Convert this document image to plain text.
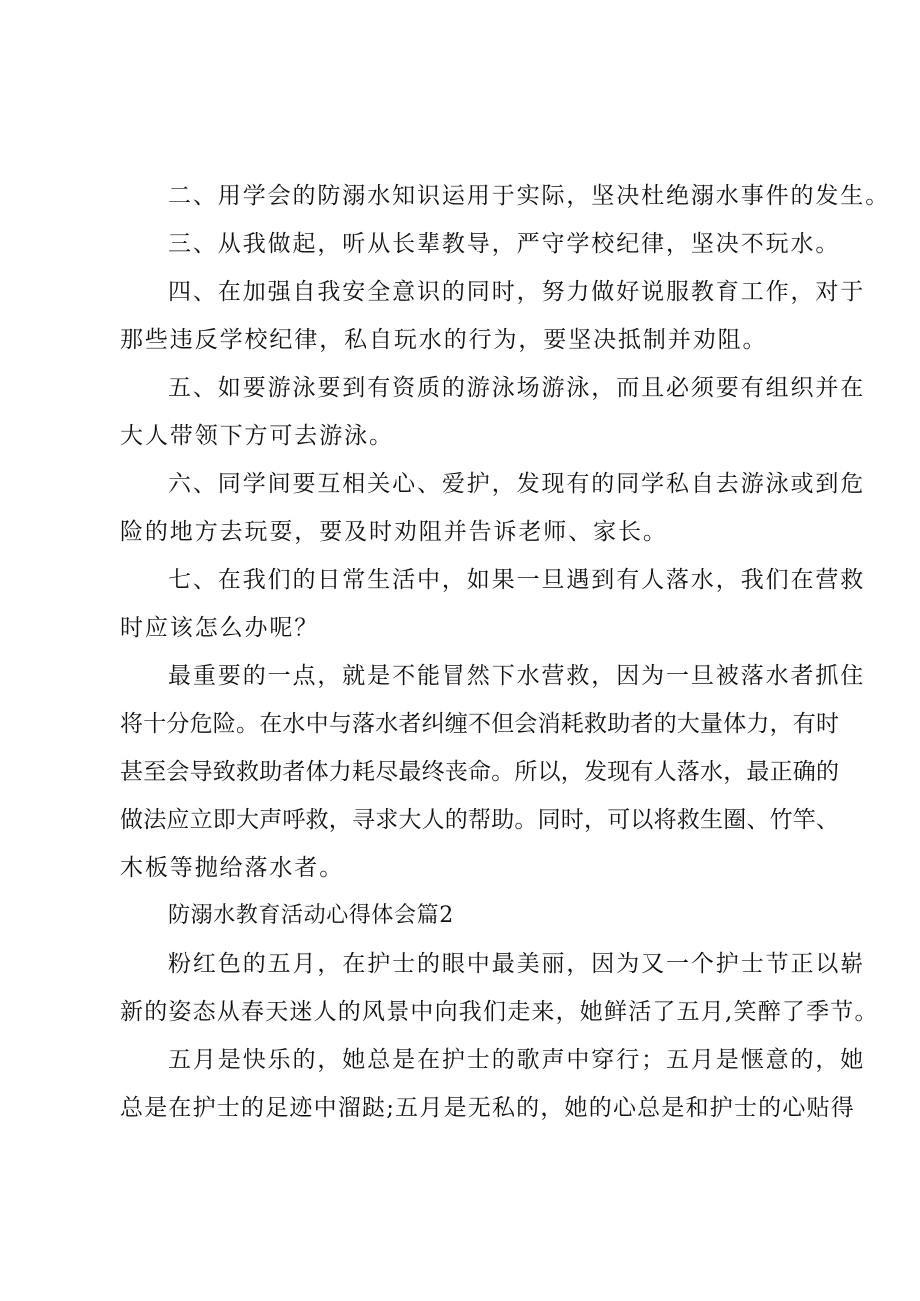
二、用学会的防溺水知识运用于实际，坚决杜绝溺水事件的发生。
三、从我做起，听从长辈教导，严守学校纪律，坚决不玩水。
四、在加强自我安全意识的同时，努力做好说服教育工作，对于
那些违反学校纪律，私自玩水的行为，要坚决抵制并劝阻。
五、如要游泳要到有资质的游泳场游泳，而且必须要有组织并在
大人带领下方可去游泳。
六、同学间要互相关心、爱护，发现有的同学私自去游泳或到危
险的地方去玩耍，要及时劝阻并告诉老师、家长。
七、在我们的日常生活中，如果一旦遇到有人落水，我们在营救
时应该怎么办呢？
最重要的一点，就是不能冒然下水营救，因为一旦被落水者抓住
将十分危险。在水中与落水者纠缠不但会消耗救助者的大量体力，有时
甚至会导致救助者体力耗尽最终丧命。所以，发现有人落水，最正确的
做法应立即大声呼救，寻求大人的帮助。同时，可以将救生圈、竹竿、
木板等抛给落水者。
防溺水教育活动心得体会篇2
粉红色的五月，在护士的眼中最美丽，因为又一个护士节正以崭
新的姿态从春天迷人的风景中向我们走来，她鲜活了五月,笑醉了季节。
五月是快乐的，她总是在护士的歌声中穿行；五月是惬意的，她
总是在护士的足迹中溜跶;五月是无私的，她的心总是和护士的心贴得
